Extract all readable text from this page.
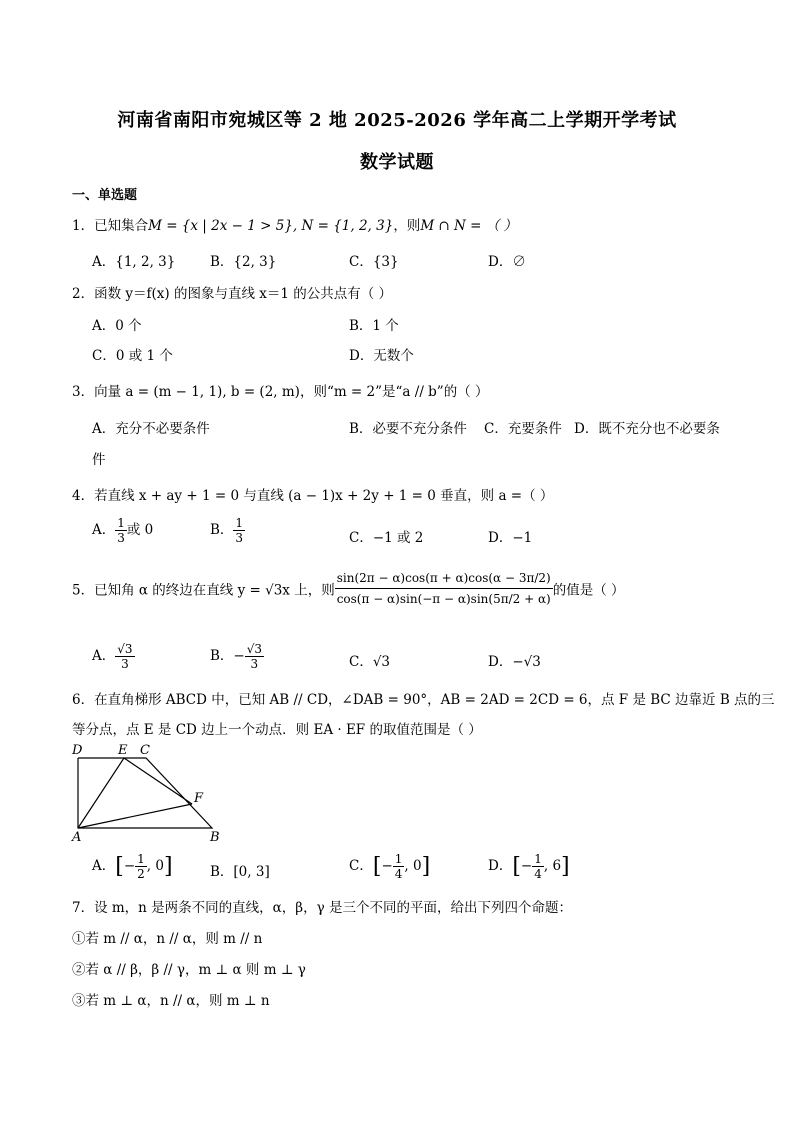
河南省南阳市宛城区等 2 地 2025-2026 学年高二上学期开学考试
数学试题
一、单选题
1．已知集合M = {x | 2x − 1 > 5}, N = {1, 2, 3}，则M ∩ N = （ ）
A．{1, 2, 3}	B．{2, 3}	C．{3}	D．∅
2．函数 y＝f(x) 的图象与直线 x＝1 的公共点有（ ）
A．0 个	B．1 个
C．0 或 1 个	D．无数个
3．向量 a = (m − 1, 1), b = (2, m)，则“m = 2”是“a // b”的（ ）
A．充分不必要条件	B．必要不充分条件 C．充要条件 D．既不充分也不必要条
件
4．若直线 x + ay + 1 = 0 与直线 (a − 1)x + 2y + 1 = 0 垂直，则 a =（ ）
A． $\frac{1}{3}$ 或 0	B． $\frac{1}{3}$	C．−1 或 2	D．−1
5．已知角 α 的终边在直线 y = √3x 上，则 $\frac{\sin(2\pi - \alpha)\cos(\pi + \alpha)\cos(\alpha - 3\pi/2)}{\cos(\pi - \alpha)\sin(-\pi - \alpha)\sin(5\pi/2 + \alpha)}$ 的值是（ ）
A． $\frac{√3}{3}$	B．− $\frac{√3}{3}$	C．√3	D．−√3
6．在直角梯形 ABCD 中，已知 AB // CD，∠DAB = 90°，AB = 2AD = 2CD = 6，点 F 是 BC 边靠近 B 点的三
等分点，点 E 是 CD 边上一个动点．则 EA · EF 的取值范围是（ ）
D	E C
F
A	B
A．[− $\frac{1}{2}$ , 0]	B．[0, 3]	C．[− $\frac{1}{4}$ , 0]	D．[− $\frac{1}{4}$ , 6]
7．设 m，n 是两条不同的直线，α，β，γ 是三个不同的平面，给出下列四个命题：
①若 m // α，n // α，则 m // n
②若 α // β，β // γ，m ⊥ α 则 m ⊥ γ
③若 m ⊥ α，n // α，则 m ⊥ n
